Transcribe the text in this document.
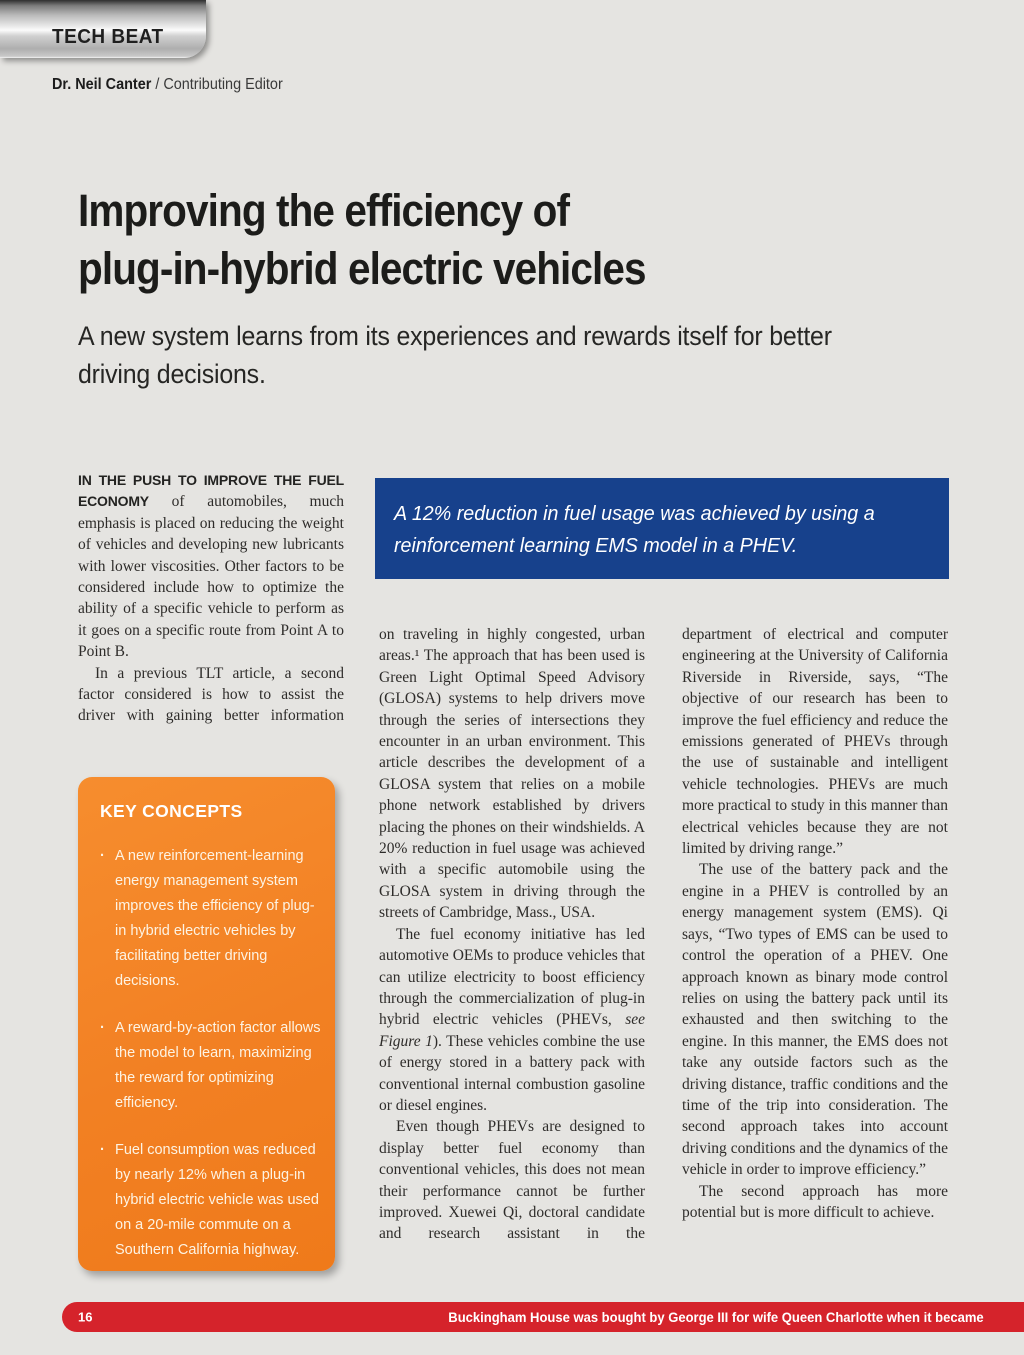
TECH BEAT
Dr. Neil Canter / Contributing Editor
Improving the efficiency of
plug-in-hybrid electric vehicles
A new system learns from its experiences and rewards itself for better driving decisions.
A 12% reduction in fuel usage was achieved by using a reinforcement learning EMS model in a PHEV.

IN THE PUSH TO IMPROVE THE FUEL ECONOMY of automobiles, much emphasis is placed on reducing the weight of vehicles and developing new lubricants with lower viscosities. Other factors to be considered include how to optimize the ability of a specific vehicle to perform as it goes on a specific route from Point A to Point B.

In a previous TLT article, a second factor considered is how to assist the driver with gaining better information

KEY CONCEPTS
· A new reinforcement-learning energy management system improves the efficiency of plug-in hybrid electric vehicles by facilitating better driving decisions.
· A reward-by-action factor allows the model to learn, maximizing the reward for optimizing efficiency.
· Fuel consumption was reduced by nearly 12% when a plug-in hybrid electric vehicle was used on a 20-mile commute on a Southern California highway.

on traveling in highly congested, urban areas.¹ The approach that has been used is Green Light Optimal Speed Advisory (GLOSA) systems to help drivers move through the series of intersections they encounter in an urban environment. This article describes the development of a GLOSA system that relies on a mobile phone network established by drivers placing the phones on their windshields. A 20% reduction in fuel usage was achieved with a specific automobile using the GLOSA system in driving through the streets of Cambridge, Mass., USA.

The fuel economy initiative has led automotive OEMs to produce vehicles that can utilize electricity to boost efficiency through the commercialization of plug-in hybrid electric vehicles (PHEVs, see Figure 1). These vehicles combine the use of energy stored in a battery pack with conventional internal combustion gasoline or diesel engines.

Even though PHEVs are designed to display better fuel economy than conventional vehicles, this does not mean their performance cannot be further improved. Xuewei Qi, doctoral candidate and research assistant in the

department of electrical and computer engineering at the University of California Riverside in Riverside, says, “The objective of our research has been to improve the fuel efficiency and reduce the emissions generated of PHEVs through the use of sustainable and intelligent vehicle technologies. PHEVs are much more practical to study in this manner than electrical vehicles because they are not limited by driving range.”

The use of the battery pack and the engine in a PHEV is controlled by an energy management system (EMS). Qi says, “Two types of EMS can be used to control the operation of a PHEV. One approach known as binary mode control relies on using the battery pack until its exhausted and then switching to the engine. In this manner, the EMS does not take any outside factors such as the driving distance, traffic conditions and the time of the trip into consideration. The second approach takes into account driving conditions and the dynamics of the vehicle in order to improve efficiency.”

The second approach has more potential but is more difficult to achieve.

16	Buckingham House was bought by George III for wife Queen Charlotte when it became
